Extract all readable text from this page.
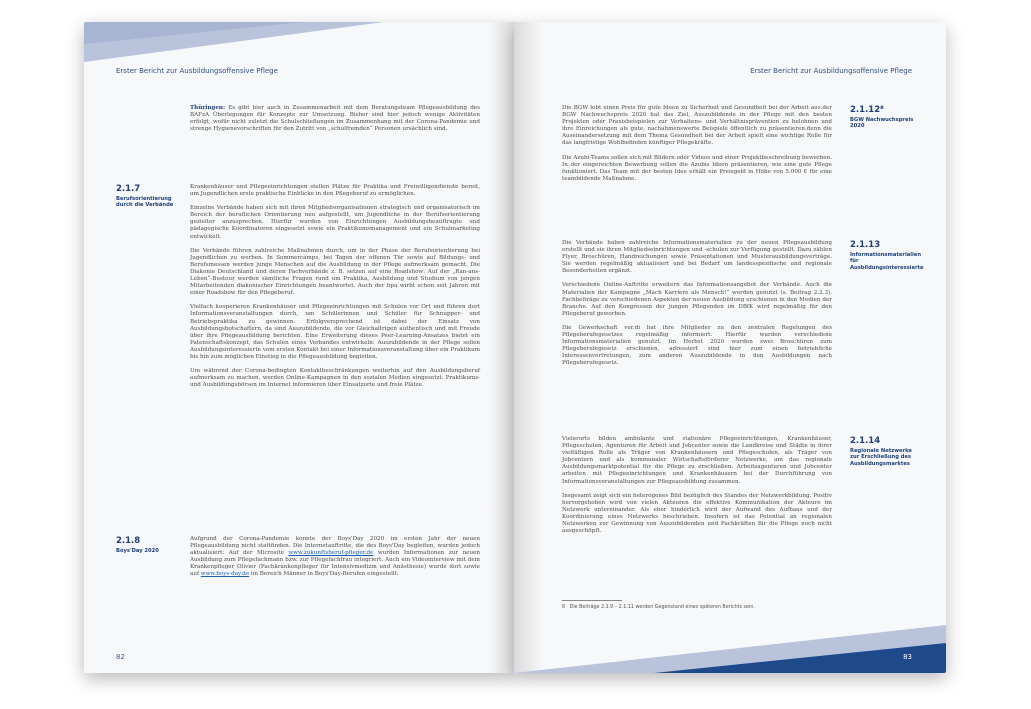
Erster Bericht zur Ausbildungsoffensive Pflege

Thüringen: Es gibt hier auch in Zusammenarbeit mit dem Beratungsteam Pflegeausbildung des BAFzA Überlegungen für Konzepte zur Umsetzung. Bisher sind hier jedoch wenige Aktivitäten erfolgt, wofür nicht zuletzt die Schulschließungen im Zusammenhang mit der Corona-Pandemie und strenge Hygienevorschriften für den Zutritt von „schulfremden“ Personen ursächlich sind.

2.1.7
Berufsorientierung durch die Verbände

Krankenhäuser und Pflegeeinrichtungen stellen Plätze für Praktika und Freiwilligendienste bereit, um Jugendlichen erste praktische Einblicke in den Pflegeberuf zu ermöglichen.

Einzelne Verbände haben sich mit ihren Mitgliedsorganisationen strategisch und organisatorisch im Bereich der beruflichen Orientierung neu aufgestellt, um Jugendliche in der Berufsorientierung gezielter anzusprechen. Hierfür wurden von Einrichtungen Ausbildungsbeauftragte und pädagogische Koordinatoren eingesetzt sowie ein Praktikumsmanagement und ein Schulmarketing entwickelt.

Die Verbände führen zahlreiche Maßnahmen durch, um in der Phase der Berufsorientierung bei Jugendlichen zu werben. In Sommercamps, bei Tagen der offenen Tür sowie auf Bildungs- und Berufsmessen werden junge Menschen auf die Ausbildung in der Pflege aufmerksam gemacht. Die Diakonie Deutschland und deren Fachverbände z. B. setzen auf eine Roadshow: Auf der „Ran-ans-Leben“-Bustour werden sämtliche Fragen rund um Praktika, Ausbildung und Studium von jungen Mitarbeitenden diakonischer Einrichtungen beantwortet. Auch der bpa wirbt schon seit Jahren mit einer Roadshow für den Pflegeberuf.

Vielfach kooperieren Krankenhäuser und Pflegeeinrichtungen mit Schulen vor Ort und führen dort Informationsveranstaltungen durch, um Schülerinnen und Schüler für Schnupper- und Betriebspraktika zu gewinnen. Erfolgversprechend ist dabei der Einsatz von Ausbildungsbotschaftern, da sind Auszubildende, die vor Gleichaltrigen authentisch und mit Freude über ihre Pflegeausbildung berichten. Eine Erweiterung dieses Peer-Learning-Ansatzes bietet ein Patenschaftskonzept, das Schulen eines Verbandes entwickeln: Auszubildende in der Pflege sollen Ausbildungsinteressierte vom ersten Kontakt bei einer Informationsveranstaltung über ein Praktikum bis hin zum möglichen Einstieg in die Pflegeausbildung begleiten.

Um während der Corona-bedingten Kontaktbeschränkungen weiterhin auf den Ausbildungsberuf aufmerksam zu machen, werden Online-Kampagnen in den sozialen Medien eingesetzt. Praktikums- und Ausbildungsbörsen im Internet informieren über Einsatzorte und freie Plätze.

2.1.8
Boys'Day 2020

Aufgrund der Corona-Pandemie konnte der Boys'Day 2020 im ersten Jahr der neuen Pflegeausbildung nicht stattfinden. Die Internetauftritte, die des Boys'Day begleiten, wurden jedoch aktualisiert: Auf der Microsite www.zukunftsberuf-pfleger.de wurden Informationen zur neuen Ausbildung zum Pflegefachmann bzw. zur Pflegefachfrau integriert. Auch ein Videointerview mit dem Krankenpfleger Olivier (Fachkrankenpfleger für Intensivmedizin und Anästhesie) wurde dort sowie auf www.boys-day.de im Bereich Männer in Boys'Day-Berufen eingestellt.

82
Erster Bericht zur Ausbildungsoffensive Pflege
2.1.12⁸
BGW Nachwuchspreis 2020

Die BGW lobt einen Preis für gute Ideen zu Sicherheit und Gesundheit bei der Arbeit aus.der BGW Nachwuchspreis 2020 hat das Ziel, Auszubildende in der Pflege mit den besten Projekten oder Praxisbeispielen zur Verhaltens- und Verhältnisprävention zu belohnen und ihre Einreichungen als gute, nachahmenswerte Beispiele öffentlich zu präsentieren.denn die Auseinandersetzung mit dem Thema Gesundheit bei der Arbeit spielt eine wichtige Rolle für das langfristige Wohlbefinden künftiger Pflegekräfte.

Die Azubi-Teams sollen sich mit Bildern oder Videos und einer Projektbeschreibung bewerben. In der eingereichten Bewerbung sollen die Azubis Ideen präsentieren, wie eine gute Pflege funktioniert. Das Team mit der besten Idee erhält ein Preisgeld in Höhe von 5.000 € für eine teambildende Maßnahme.

2.1.13
Informationsmaterialien für Ausbildungsinteressierte

Die Verbände haben zahlreiche Informationsmaterialien zu der neuen Pflegeausbildung erstellt und sie ihren Mitgliedseinrichtungen und -schulen zur Verfügung gestellt. Dazu zählen Flyer, Broschüren, Handreichungen sowie Präsentationen und Musterausbildungsverträge. Sie werden regelmäßig aktualisiert und bei Bedarf um landesspezifische und regionale Besonderheiten ergänzt.

Verschiedene Online-Auftritte erweitern das Informationsangebot der Verbände. Auch die Materialien der Kampagne „Mach Karriere als Mensch!“ werden genutzt (s. Beitrag 2.2.3). Fachbeiträge zu verschiedenen Aspekten der neuen Ausbildung erschienen in den Medien der Branche. Auf den Kongressen der jungen Pflegenden im DBfK wird regelmäßig für den Pflegeberuf geworben.

Die Gewerkschaft ver.di hat ihre Mitglieder zu den zentralen Regelungen des Pflegeberufegesetzes regelmäßig informiert. Hierfür wurden verschiedene Informationsmaterialien genutzt. Im Herbst 2020 wurden zwei Broschüren zum Pflegeberufegesetz erschienen, adressiert sind hier zum einen betriebliche Interessenvertretungen, zum anderen Auszubildende in den Ausbildungen nach Pflegeberufegesetz.

2.1.14
Regionale Netzwerke zur Erschließung des Ausbildungsmarktes

Vielerorts bilden ambulante und stationäre Pflegeeinrichtungen, Krankenhäuser, Pflegeschulen, Agenturen für Arbeit und Jobcenter sowie die Landkreise und Städte in ihrer vielfältigen Rolle als Träger von Krankenhäusern und Pflegeschulen, als Träger von Jobcentern und als kommunaler Wirtschaftsförderer Netzwerke, um das regionale Ausbildungsmarktpotential für die Pflege zu erschließen. Arbeitsagenturen und Jobcenter arbeiten mit Pflegeeinrichtungen und Krankenhäusern bei der Durchführung von Informationsveranstaltungen zur Pflegeausbildung zusammen.

Insgesamt zeigt sich ein heterogenes Bild bezüglich des Standes der Netzwerkbildung. Positiv hervorgehoben wird von vielen Akteuren die effektive Kommunikation der Akteure im Netzwerk untereinander. Als eher hinderlich wird der Aufwand des Aufbaus und der Koordinierung eines Netzwerks beschrieben. Insofern ist das Potential an regionalen Netzwerken zur Gewinnung von Auszubildenden und Fachkräften für die Pflege noch nicht ausgeschöpft.

8 Die Beiträge 2.1.9 – 2.1.11 werden Gegenstand eines späteren Berichts sein.
83
